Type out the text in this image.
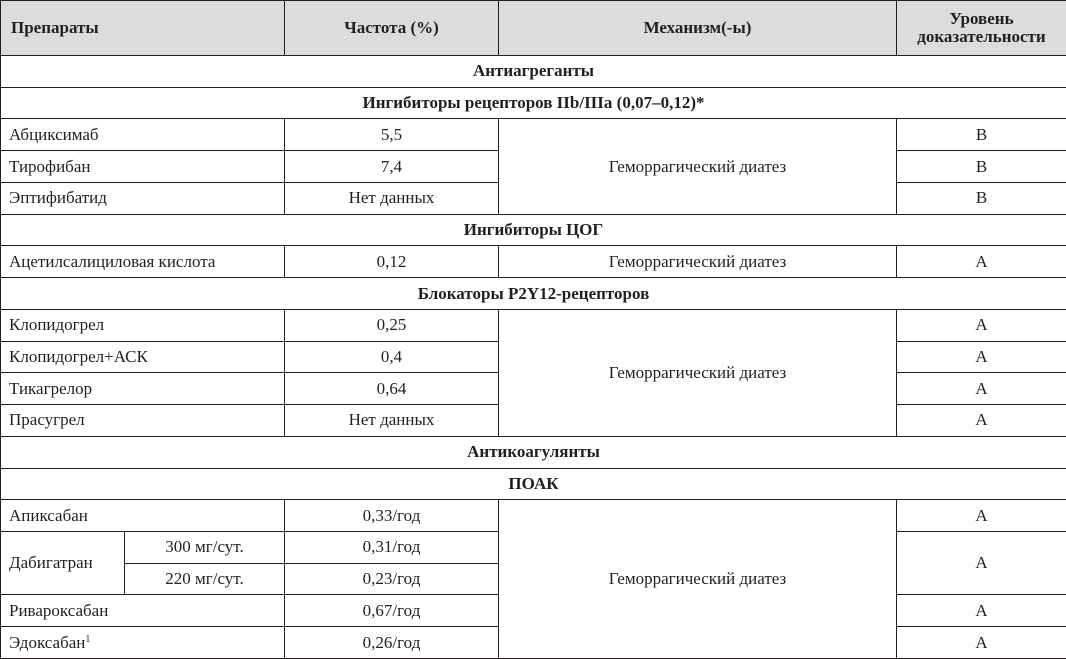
Препараты		Частота (%)	Механизм(-ы)	Уровень доказательности
Антиагреганты				
Ингибиторы рецепторов IIb/IIIa (0,07–0,12)*				
Абциксимаб		5,5	Геморрагический диатез	B
Тирофибан		7,4		B
Эптифибатид		Нет данных		B
Ингибиторы ЦОГ				
Ацетилсалициловая кислота		0,12	Геморрагический диатез	A
Блокаторы P2Y12-рецепторов				
Клопидогрел		0,25	Геморрагический диатез	A
Клопидогрел+АСК		0,4		A
Тикагрелор		0,64		A
Прасугрел		Нет данных		A
Антикоагулянты				
ПОАК				
Апиксабан		0,33/год	Геморрагический диатез	A
Дабигатран	300 мг/сут.	0,31/год		A
	220 мг/сут.	0,23/год		
Ривароксабан		0,67/год		A
Эдоксабан$^1$		0,26/год		A
